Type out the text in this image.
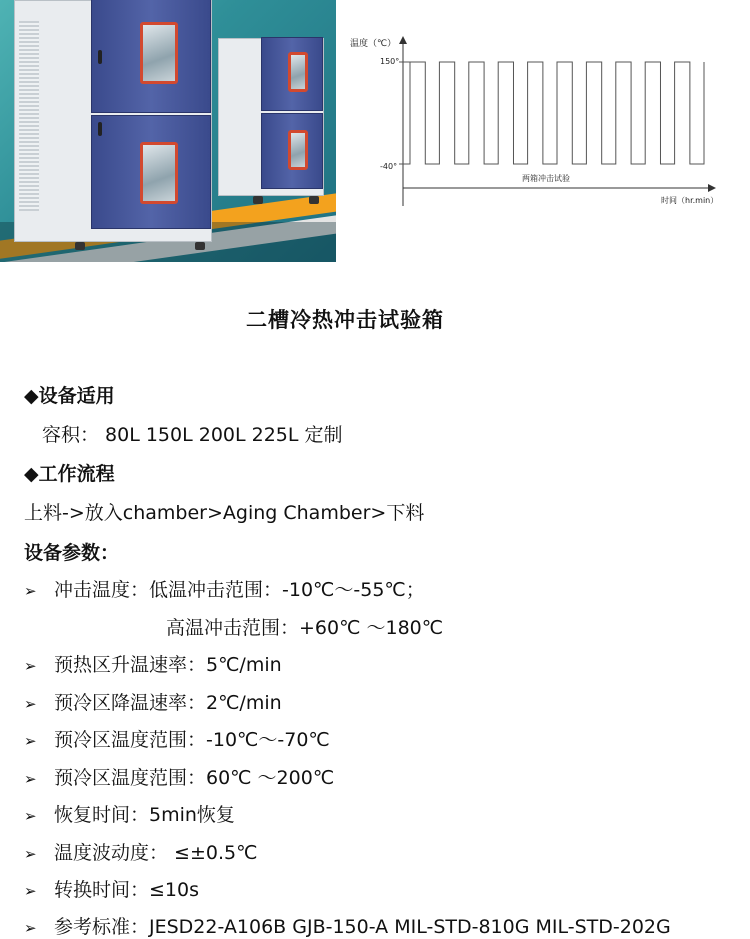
温度（℃）
150°
-40°
两箱冲击试验
时间（hr.min）
二槽冷热冲击试验箱
◆设备适用
容积： 80L 150L 200L 225L 定制
◆工作流程
上料->放入chamber>Aging Chamber>下料
设备参数：
➢ 冲击温度：低温冲击范围：-10℃～-55℃；
高温冲击范围：+60℃ ～180℃
➢ 预热区升温速率：5℃/min
➢ 预冷区降温速率：2℃/min
➢ 预冷区温度范围：-10℃～-70℃
➢ 预冷区温度范围：60℃ ～200℃
➢ 恢复时间：5min恢复
➢ 温度波动度： ≤±0.5℃
➢ 转换时间：≤10s
➢ 参考标准：JESD22-A106B GJB-150-A MIL-STD-810G MIL-STD-202G
